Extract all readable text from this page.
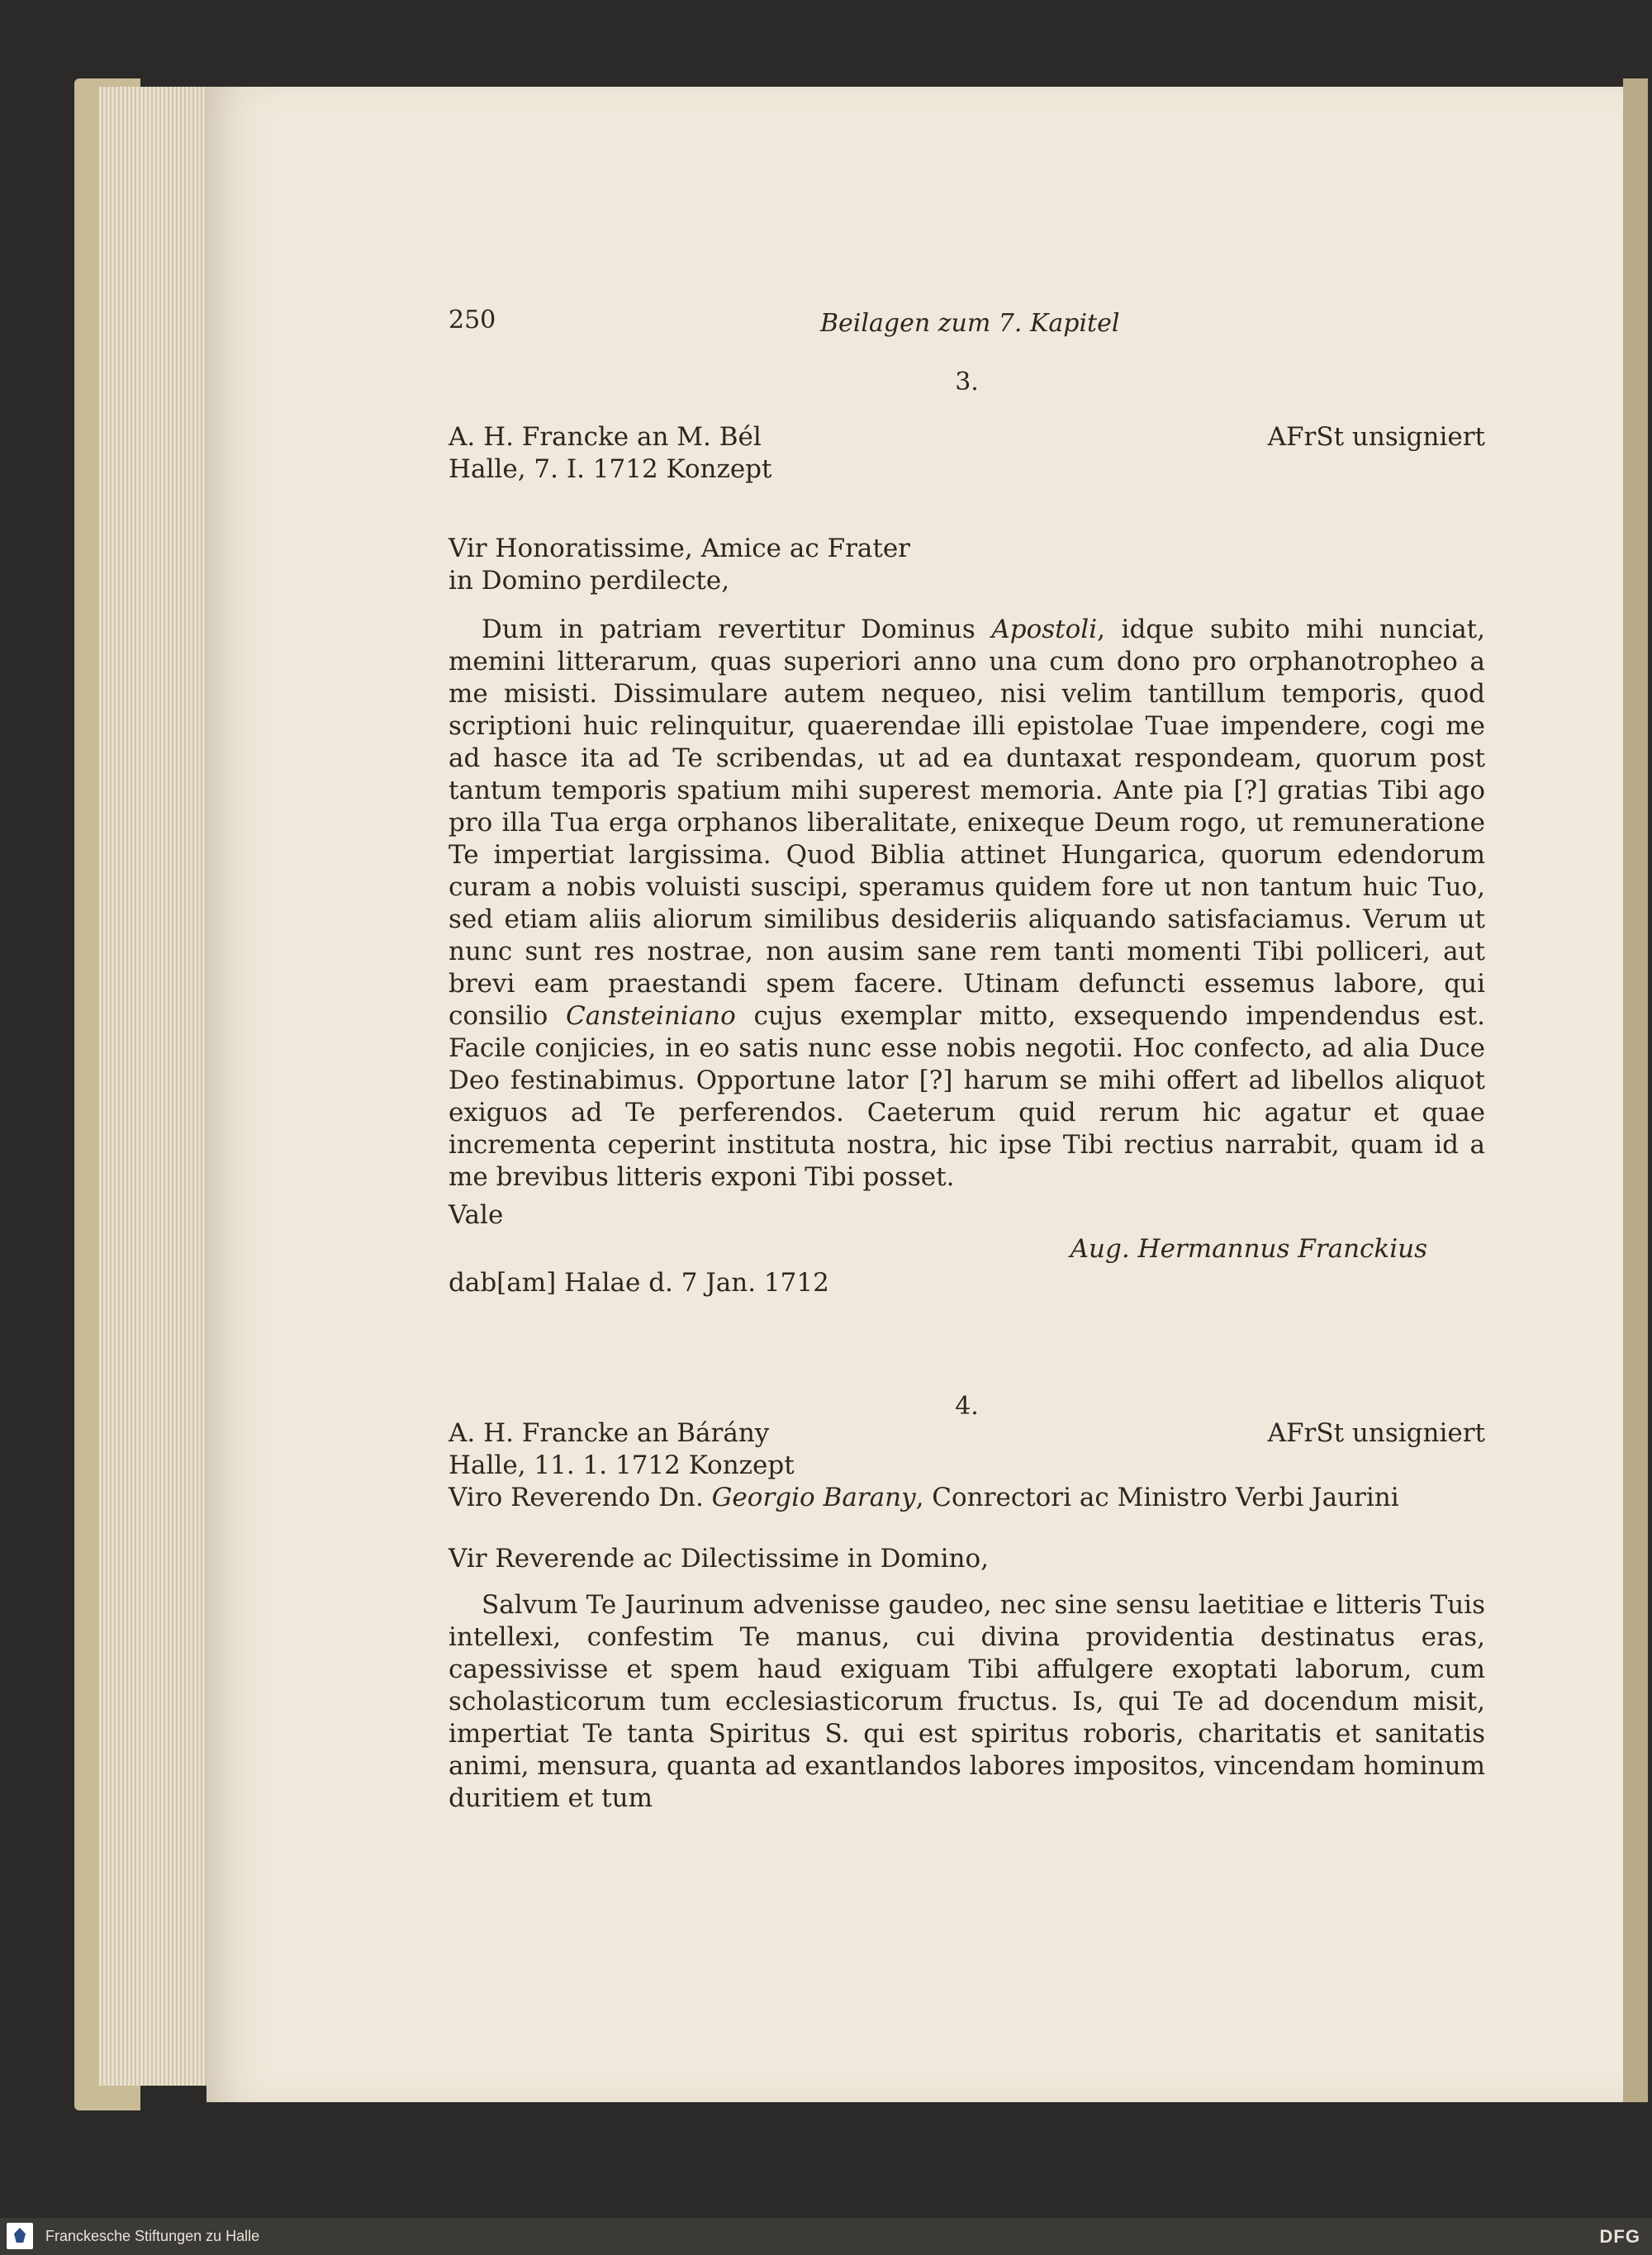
250	Beilagen zum 7. Kapitel
3.
A. H. Francke an M. Bél	AFrSt unsigniert
Halle, 7. I. 1712 Konzept
Vir Honoratissime, Amice ac Frater
in Domino perdilecte,

Dum in patriam revertitur Dominus Apostoli, idque subito mihi nunciat, memini litterarum, quas superiori anno una cum dono pro orphanotropheo a me misisti. Dissimulare autem nequeo, nisi velim tantillum temporis, quod scriptioni huic relinquitur, quaerendae illi epistolae Tuae impendere, cogi me ad hasce ita ad Te scribendas, ut ad ea duntaxat respondeam, quorum post tantum temporis spatium mihi superest memoria. Ante pia [?] gratias Tibi ago pro illa Tua erga orphanos liberalitate, enixeque Deum rogo, ut remuneratione Te impertiat largissima. Quod Biblia attinet Hungarica, quorum edendorum curam a nobis voluisti suscipi, speramus quidem fore ut non tantum huic Tuo, sed etiam aliis aliorum similibus desideriis aliquando satisfaciamus. Verum ut nunc sunt res nostrae, non ausim sane rem tanti momenti Tibi polliceri, aut brevi eam praestandi spem facere. Utinam defuncti essemus labore, qui consilio Cansteiniano cujus exemplar mitto, exsequendo impendendus est. Facile conjicies, in eo satis nunc esse nobis negotii. Hoc confecto, ad alia Duce Deo festinabimus. Opportune lator [?] harum se mihi offert ad libellos aliquot exiguos ad Te perferendos. Caeterum quid rerum hic agatur et quae incrementa ceperint instituta nostra, hic ipse Tibi rectius narrabit, quam id a me brevibus litteris exponi Tibi posset.

Vale
Aug. Hermannus Franckius
dab[am] Halae d. 7 Jan. 1712
4.
A. H. Francke an Bárány	AFrSt unsigniert
Halle, 11. 1. 1712 Konzept
Viro Reverendo Dn. Georgio Barany, Conrectori ac Ministro Verbi Jaurini
Vir Reverende ac Dilectissime in Domino,

Salvum Te Jaurinum advenisse gaudeo, nec sine sensu laetitiae e litteris Tuis intellexi, confestim Te manus, cui divina providentia destinatus eras, capessivisse et spem haud exiguam Tibi affulgere exoptati laborum, cum scholasticorum tum ecclesiasticorum fructus. Is, qui Te ad docendum misit, impertiat Te tanta Spiritus S. qui est spiritus roboris, charitatis et sanitatis animi, mensura, quanta ad exantlandos labores impositos, vincendam hominum duritiem et tum

Franckesche Stiftungen zu Halle	DFG
